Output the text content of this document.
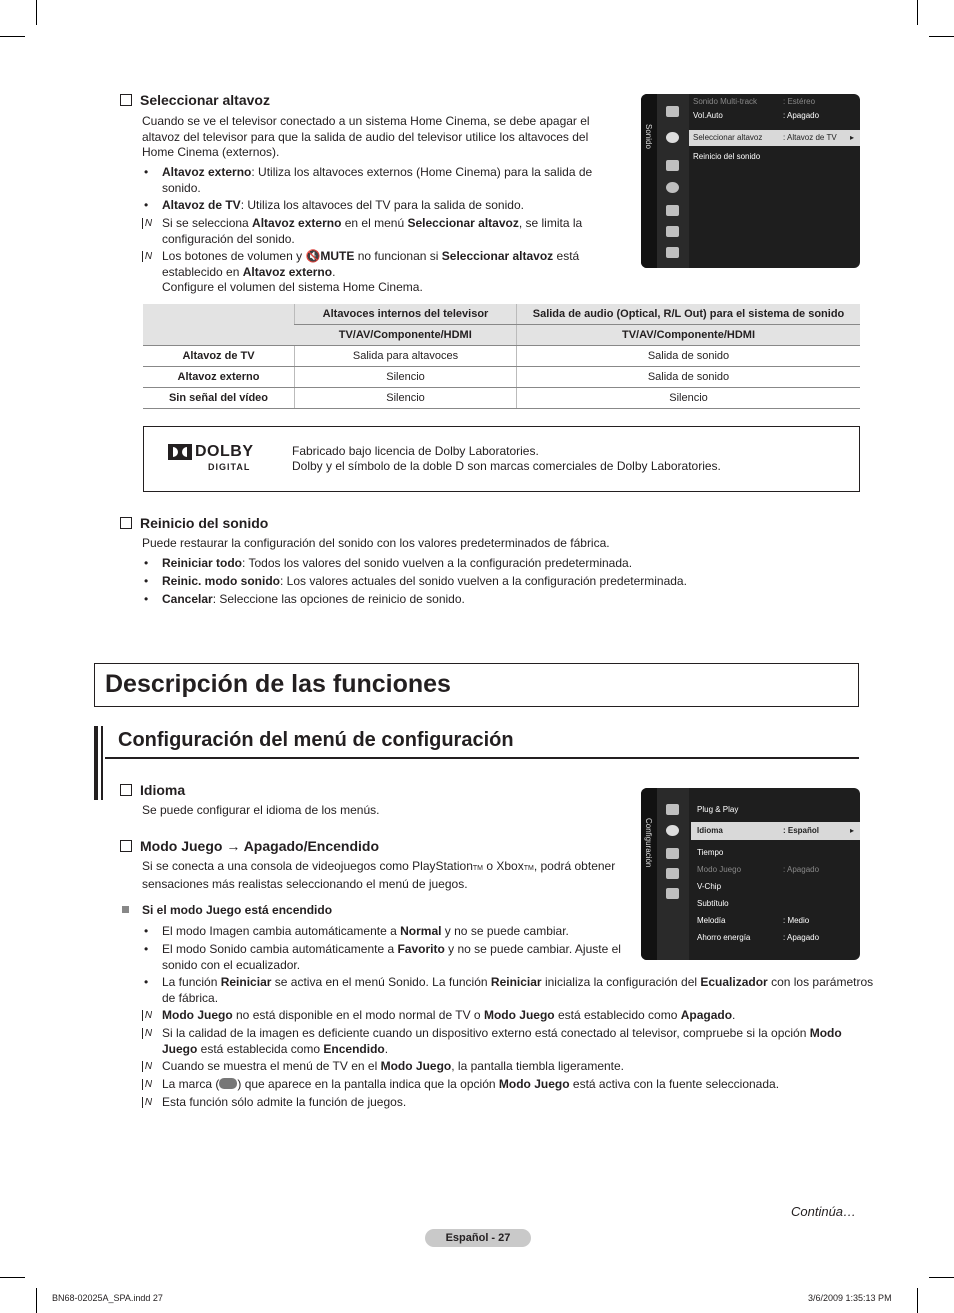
Seleccionar altavoz
Cuando se ve el televisor conectado a un sistema Home Cinema, se debe apagar el altavoz del televisor para que la salida de audio del televisor utilice los altavoces del Home Cinema (externos).
• Altavoz externo: Utiliza los altavoces externos (Home Cinema) para la salida de sonido.
• Altavoz de TV: Utiliza los altavoces del TV para la salida de sonido.
N Si se selecciona Altavoz externo en el menú Seleccionar altavoz, se limita la configuración del sonido.
N Los botones de volumen y 🔇MUTE no funcionan si Seleccionar altavoz está establecido en Altavoz externo.
Configure el volumen del sistema Home Cinema.
Sonido
Sonido Multi-track	: Estéreo
Vol.Auto	: Apagado
Seleccionar altavoz	: Altavoz de TV ▸
Reinicio del sonido
	Altavoces internos del televisor	Salida de audio (Optical, R/L Out) para el sistema de sonido
	TV/AV/Componente/HDMI	TV/AV/Componente/HDMI
Altavoz de TV	Salida para altavoces	Salida de sonido
Altavoz externo	Silencio	Salida de sonido
Sin señal del vídeo	Silencio	Silencio
DOLBY
DIGITAL
Fabricado bajo licencia de Dolby Laboratories.
Dolby y el símbolo de la doble D son marcas comerciales de Dolby Laboratories.
Reinicio del sonido
Puede restaurar la configuración del sonido con los valores predeterminados de fábrica.
• Reiniciar todo: Todos los valores del sonido vuelven a la configuración predeterminada.
• Reinic. modo sonido: Los valores actuales del sonido vuelven a la configuración predeterminada.
• Cancelar: Seleccione las opciones de reinicio de sonido.
Descripción de las funciones
Configuración del menú de configuración
Idioma
Se puede configurar el idioma de los menús.
Modo Juego → Apagado/Encendido
Si se conecta a una consola de videojuegos como PlayStationTM o XboxTM, podrá obtener sensaciones más realistas seleccionando el menú de juegos.
Si el modo Juego está encendido
• El modo Imagen cambia automáticamente a Normal y no se puede cambiar.
• El modo Sonido cambia automáticamente a Favorito y no se puede cambiar. Ajuste el sonido con el ecualizador.
• La función Reiniciar se activa en el menú Sonido. La función Reiniciar inicializa la configuración del Ecualizador con los parámetros de fábrica.
N Modo Juego no está disponible en el modo normal de TV o Modo Juego está establecido como Apagado.
N Si la calidad de la imagen es deficiente cuando un dispositivo externo está conectado al televisor, compruebe si la opción Modo Juego está establecida como Encendido.
N Cuando se muestra el menú de TV en el Modo Juego, la pantalla tiembla ligeramente.
N La marca ( ) que aparece en la pantalla indica que la opción Modo Juego está activa con la fuente seleccionada.
N Esta función sólo admite la función de juegos.
Configuración
Plug & Play
Idioma	: Español	▸
Tiempo
Modo Juego	: Apagado
V-Chip
Subtítulo
Melodía	: Medio
Ahorro energía	: Apagado
Continúa…
Español - 27
BN68-02025A_SPA.indd 27	3/6/2009 1:35:13 PM
